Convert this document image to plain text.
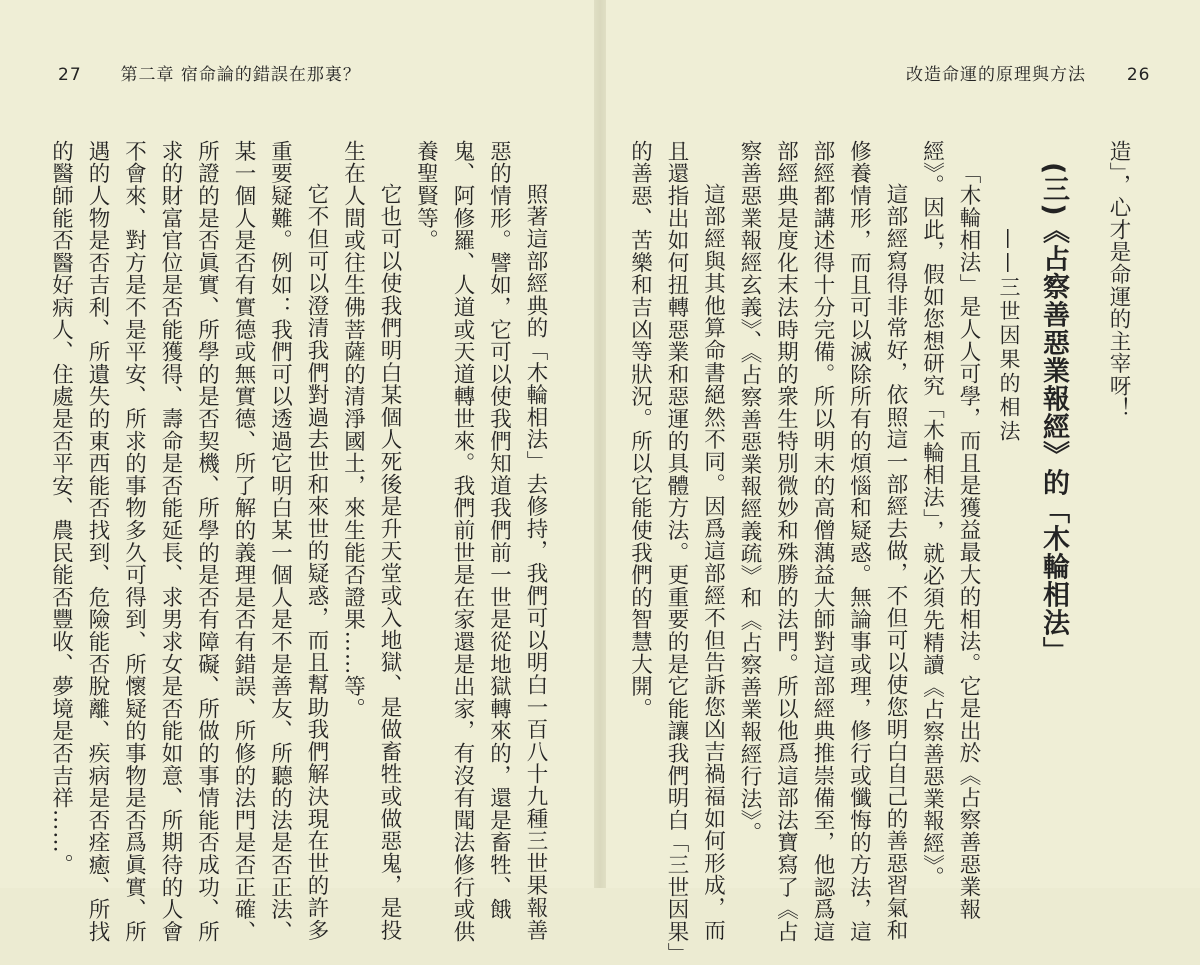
27 第二章 宿命論的錯誤在那裏？

照著這部經典的「木輪相法」去修持，我們可以明白一百八十九種三世果報善

惡的情形。譬如，它可以使我們知道我們前一世是從地獄轉來的，還是畜牲、餓

鬼、阿修羅、人道或天道轉世來。我們前世是在家還是出家，有沒有聞法修行或供

養聖賢等。

它也可以使我們明白某個人死後是升天堂或入地獄、是做畜牲或做惡鬼，是投

生在人間或往生佛菩薩的清淨國土，來生能否證果……等。

它不但可以澄清我們對過去世和來世的疑惑，而且幫助我們解決現在世的許多

重要疑難。例如：我們可以透過它明白某一個人是不是善友、所聽的法是否正法、

某一個人是否有實德或無實德、所了解的義理是否有錯誤、所修的法門是否正確、

所證的是否眞實、所學的是否契機、所學的是否有障礙、所做的事情能否成功、所

求的財富官位是否能獲得、壽命是否能延長、求男求女是否能如意、所期待的人會

不會來、對方是不是平安、所求的事物多久可得到、所懷疑的事物是否爲眞實、所

遇的人物是否吉利、所遺失的東西能否找到、危險能否脫離、疾病是否痊癒、所找

的醫師能否醫好病人、住處是否平安、農民能否豐收、夢境是否吉祥……。

改造命運的原理與方法 26

造」，心才是命運的主宰呀！

(三)《占察善惡業報經》的「木輪相法」
——三世因果的相法

「木輪相法」是人人可學，而且是獲益最大的相法。它是出於《占察善惡業報

經》。因此，假如您想研究「木輪相法」，就必須先精讀《占察善惡業報經》。

這部經寫得非常好，依照這一部經去做，不但可以使您明白自己的善惡習氣和

修養情形，而且可以滅除所有的煩惱和疑惑。無論事或理，修行或懺悔的方法，這

部經都講述得十分完備。所以明末的高僧蕅益大師對這部經典推崇備至，他認爲這

部經典是度化末法時期的衆生特別微妙和殊勝的法門。所以他爲這部法寶寫了《占

察善惡業報經玄義》、《占察善惡業報經義疏》和《占察善業報經行法》。

這部經與其他算命書絕然不同。因爲這部經不但告訴您凶吉禍福如何形成，而

且還指出如何扭轉惡業和惡運的具體方法。更重要的是它能讓我們明白「三世因果」

的善惡、苦樂和吉凶等狀況。所以它能使我們的智慧大開。
